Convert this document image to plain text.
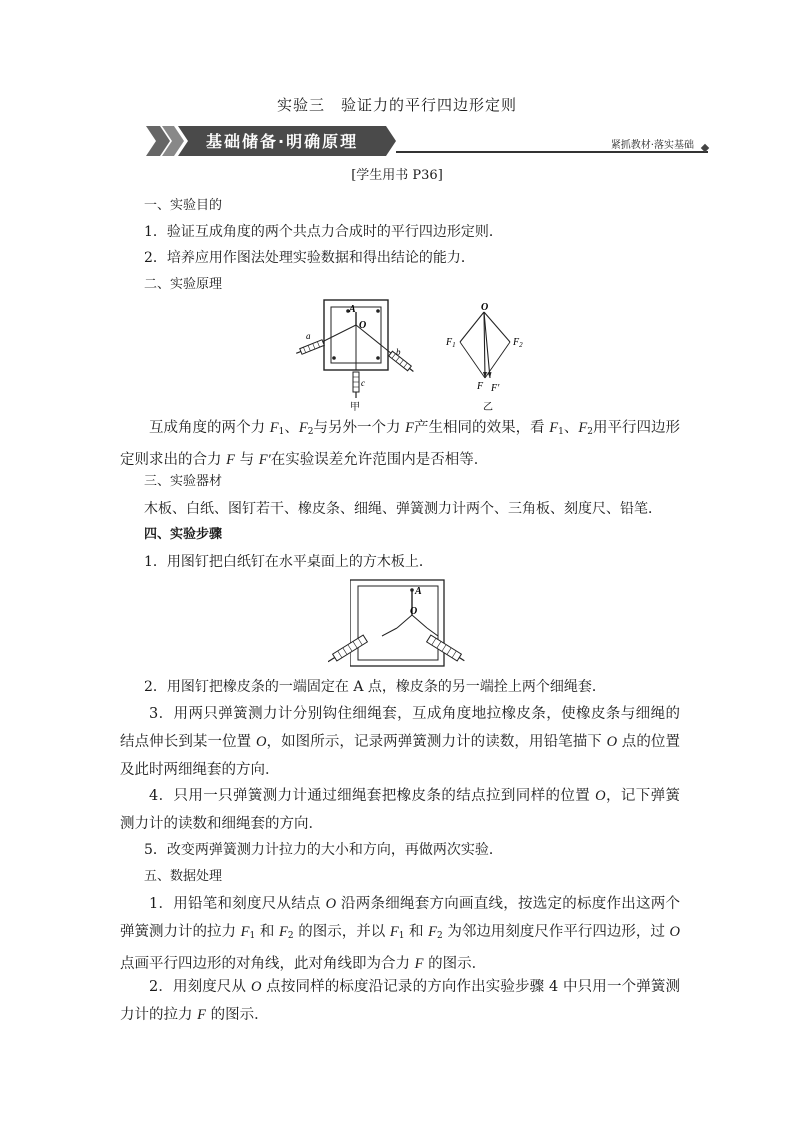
实验三　验证力的平行四边形定则
基础储备·明确原理	紧抓教材·落实基础
[学生用书 P36]
一、实验目的
1．验证互成角度的两个共点力合成时的平行四边形定则．
2．培养应用作图法处理实验数据和得出结论的能力．
二、实验原理
A
O
a
b
c
甲
O
$F_1$	$F_2$
F F′
乙
互成角度的两个力 $F_1$、$F_2$与另外一个力 F产生相同的效果，看 $F_1$、$F_2$用平行四边形定则求出的合力 F 与 F′在实验误差允许范围内是否相等．
三、实验器材
木板、白纸、图钉若干、橡皮条、细绳、弹簧测力计两个、三角板、刻度尺、铅笔．
四、实验步骤
1．用图钉把白纸钉在水平桌面上的方木板上．
A
O
2．用图钉把橡皮条的一端固定在 A 点，橡皮条的另一端拴上两个细绳套．
3．用两只弹簧测力计分别钩住细绳套，互成角度地拉橡皮条，使橡皮条与细绳的结点伸长到某一位置 O，如图所示，记录两弹簧测力计的读数，用铅笔描下 O 点的位置及此时两细绳套的方向．
4．只用一只弹簧测力计通过细绳套把橡皮条的结点拉到同样的位置 O，记下弹簧测力计的读数和细绳套的方向．
5．改变两弹簧测力计拉力的大小和方向，再做两次实验．
五、数据处理
1．用铅笔和刻度尺从结点 O 沿两条细绳套方向画直线，按选定的标度作出这两个弹簧测力计的拉力 $F_1$ 和 $F_2$ 的图示，并以 $F_1$ 和 $F_2$ 为邻边用刻度尺作平行四边形，过 O 点画平行四边形的对角线，此对角线即为合力 F 的图示．
2．用刻度尺从 O 点按同样的标度沿记录的方向作出实验步骤 4 中只用一个弹簧测力计的拉力 F 的图示．
